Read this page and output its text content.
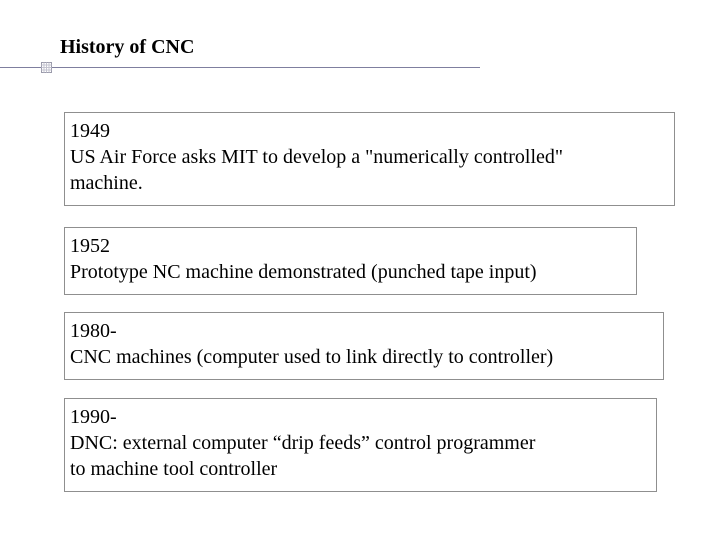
History of CNC
1949
US Air Force asks MIT to develop a "numerically controlled"
machine.
1952
Prototype NC machine demonstrated (punched tape input)
1980-
CNC machines (computer used to link directly to controller)
1990-
DNC: external computer “drip feeds” control programmer
to machine tool controller
